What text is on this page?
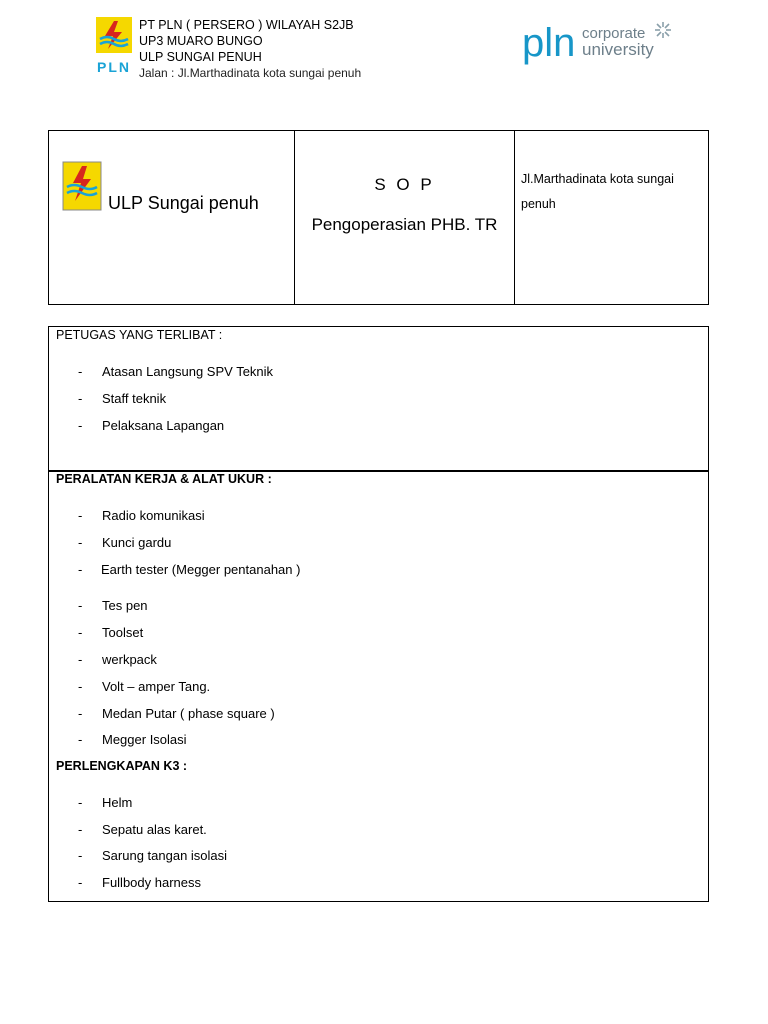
PLN
PT PLN ( PERSERO ) WILAYAH S2JB
UP3 MUARO BUNGO
ULP SUNGAI PENUH
Jalan : Jl.Marthadinata kota sungai penuh
pln corporate
university
ULP Sungai penuh
S O P
Pengoperasian PHB. TR
Jl.Marthadinata kota sungai penuh
PETUGAS YANG TERLIBAT :
- Atasan Langsung SPV Teknik
- Staff teknik
- Pelaksana Lapangan
PERALATAN KERJA & ALAT UKUR :
- Radio komunikasi
- Kunci gardu
- Earth tester (Megger pentanahan )
- Tes pen
- Toolset
- werkpack
- Volt – amper Tang.
- Medan Putar ( phase square )
- Megger Isolasi
PERLENGKAPAN K3 :
- Helm
- Sepatu alas karet.
- Sarung tangan isolasi
- Fullbody harness
